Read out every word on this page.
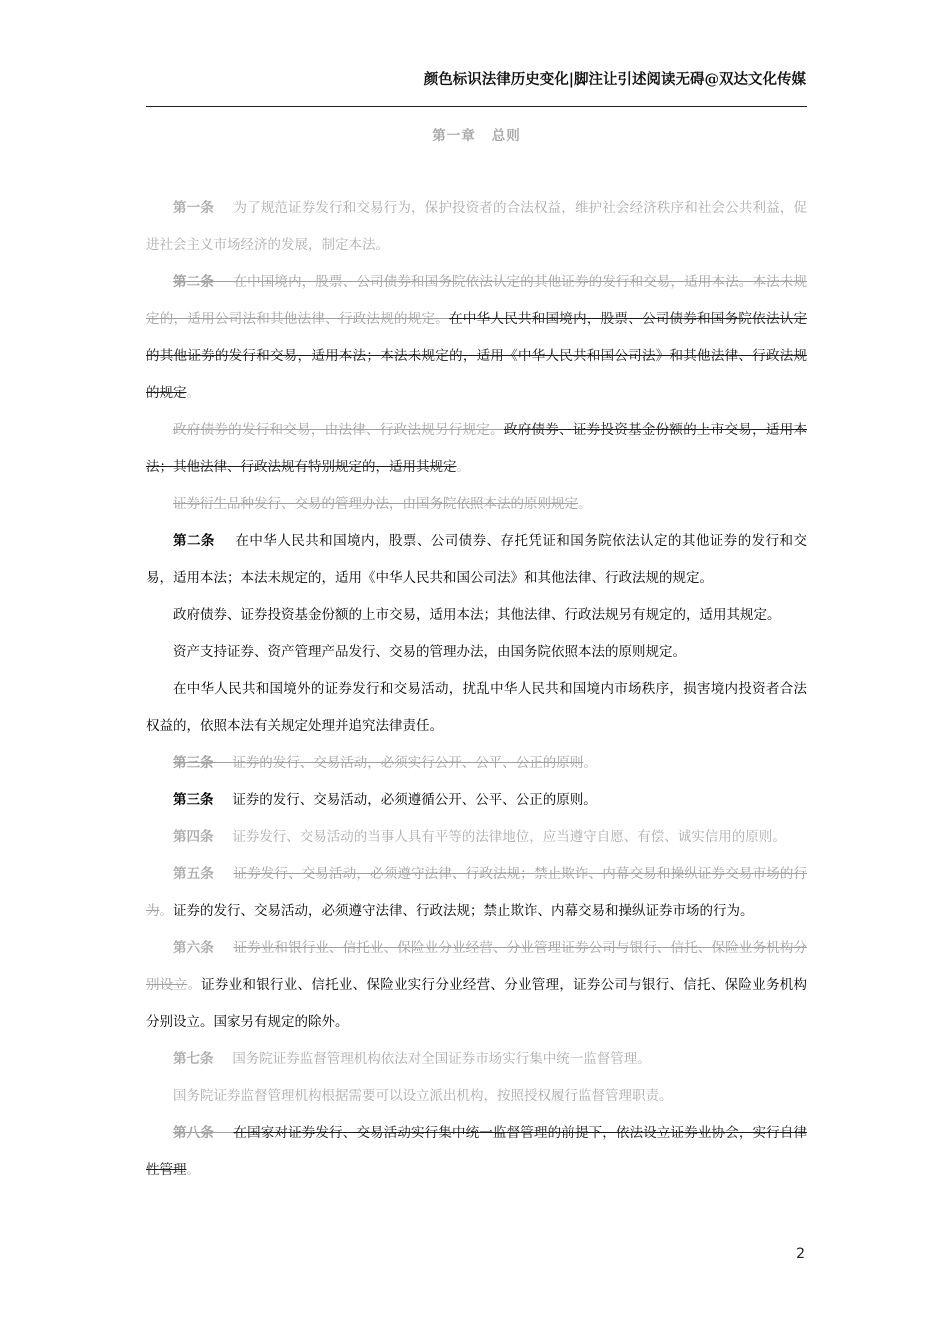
颜色标识法律历史变化|脚注让引述阅读无碍@双达文化传媒
第一章 总则

第一条 为了规范证券发行和交易行为，保护投资者的合法权益，维护社会经济秩序和社会公共利益，促进社会主义市场经济的发展，制定本法。

第二条 在中国境内，股票、公司债券和国务院依法认定的其他证券的发行和交易，适用本法。本法未规定的，适用公司法和其他法律、行政法规的规定。在中华人民共和国境内，股票、公司债券和国务院依法认定的其他证券的发行和交易，适用本法；本法未规定的，适用《中华人民共和国公司法》和其他法律、行政法规的规定。

政府债券的发行和交易，由法律、行政法规另行规定。政府债券、证券投资基金份额的上市交易，适用本法；其他法律、行政法规有特别规定的，适用其规定。

证券衍生品种发行、交易的管理办法，由国务院依照本法的原则规定。

第二条 在中华人民共和国境内，股票、公司债券、存托凭证和国务院依法认定的其他证券的发行和交易，适用本法；本法未规定的，适用《中华人民共和国公司法》和其他法律、行政法规的规定。

政府债券、证券投资基金份额的上市交易，适用本法；其他法律、行政法规另有规定的，适用其规定。

资产支持证券、资产管理产品发行、交易的管理办法，由国务院依照本法的原则规定。

在中华人民共和国境外的证券发行和交易活动，扰乱中华人民共和国境内市场秩序，损害境内投资者合法权益的，依照本法有关规定处理并追究法律责任。

第三条 证券的发行、交易活动，必须实行公开、公平、公正的原则。

第三条 证券的发行、交易活动，必须遵循公开、公平、公正的原则。

第四条 证券发行、交易活动的当事人具有平等的法律地位，应当遵守自愿、有偿、诚实信用的原则。

第五条 证券发行、交易活动，必须遵守法律、行政法规；禁止欺诈、内幕交易和操纵证券交易市场的行为。证券的发行、交易活动，必须遵守法律、行政法规；禁止欺诈、内幕交易和操纵证券市场的行为。

第六条 证券业和银行业、信托业、保险业分业经营、分业管理证券公司与银行、信托、保险业务机构分别设立。证券业和银行业、信托业、保险业实行分业经营、分业管理，证券公司与银行、信托、保险业务机构分别设立。国家另有规定的除外。

第七条 国务院证券监督管理机构依法对全国证券市场实行集中统一监督管理。

国务院证券监督管理机构根据需要可以设立派出机构，按照授权履行监督管理职责。

第八条 在国家对证券发行、交易活动实行集中统一监督管理的前提下，依法设立证券业协会，实行自律性管理。

2
